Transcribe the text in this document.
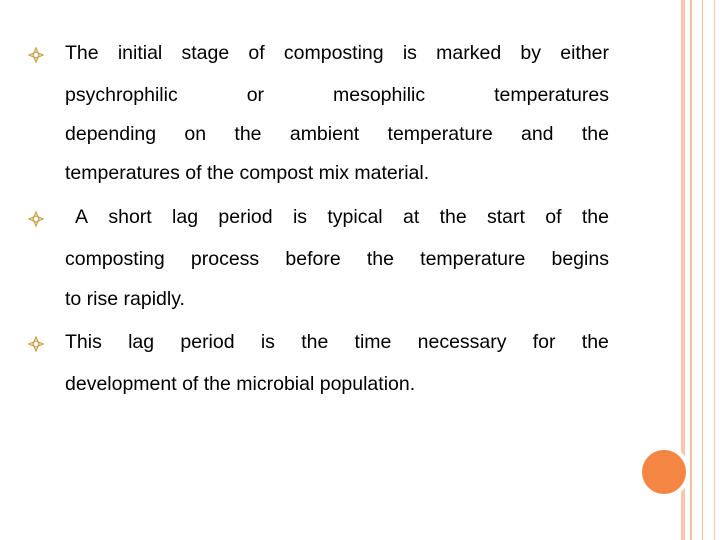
The initial stage of composting is marked by either
psychrophilic	or	mesophilic	temperatures
depending on the ambient temperature and the
temperatures of the compost mix material.
A short lag period is typical at the start of the
composting process before the temperature begins
to rise rapidly.
This lag period is the time necessary for the
development of the microbial population.
